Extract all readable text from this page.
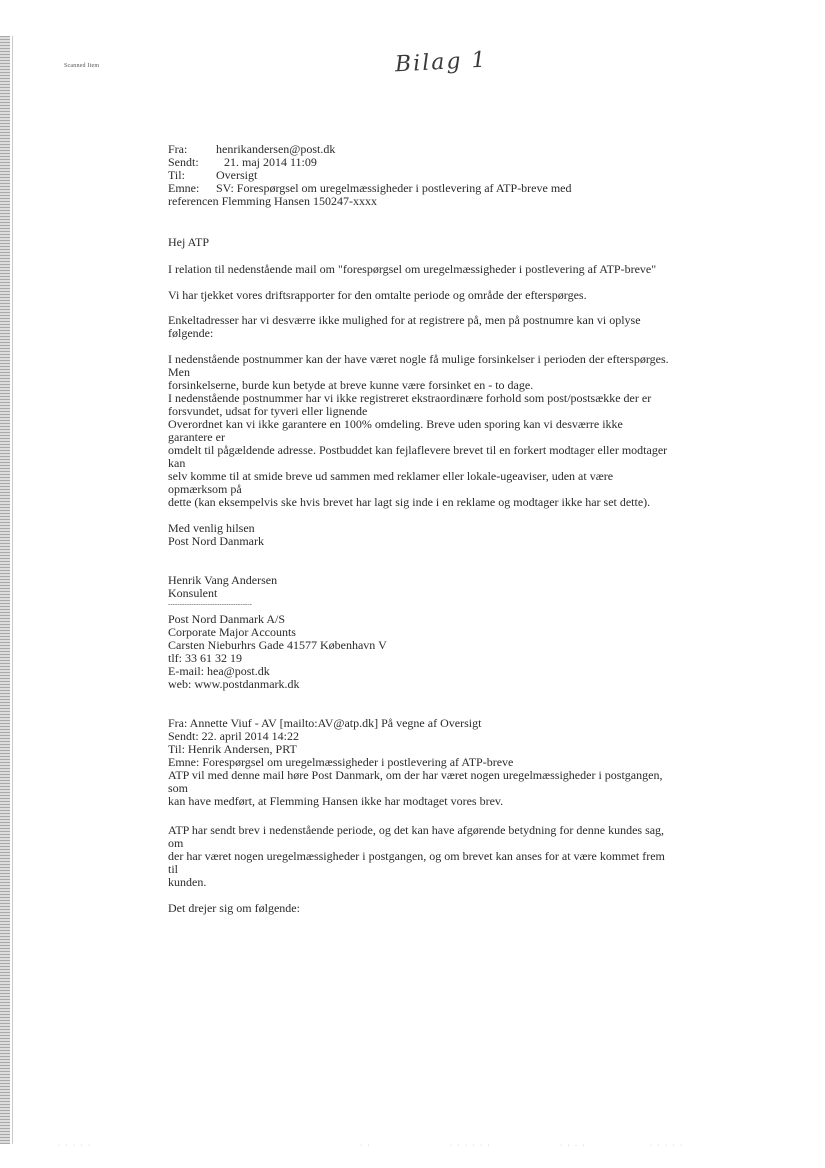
Scanned Item	Bilag 1
Fra: henrikandersen@post.dk
Sendt: 21. maj 2014 11:09
Til:	Oversigt
Emne: SV: Forespørgsel om uregelmæssigheder i postlevering af ATP-breve med
referencen Flemming Hansen 150247-xxxx
Hej ATP
I relation til nedenstående mail om "forespørgsel om uregelmæssigheder i postlevering af ATP-breve"
Vi har tjekket vores driftsrapporter for den omtalte periode og område der efterspørges.
Enkeltadresser har vi desværre ikke mulighed for at registrere på, men på postnumre kan vi oplyse
følgende:
I nedenstående postnummer kan der have været nogle få mulige forsinkelser i perioden der efterspørges.
Men
forsinkelserne, burde kun betyde at breve kunne være forsinket en - to dage.
I nedenstående postnummer har vi ikke registreret ekstraordinære forhold som post/postsække der er
forsvundet, udsat for tyveri eller lignende
Overordnet kan vi ikke garantere en 100% omdeling. Breve uden sporing kan vi desværre ikke
garantere er
omdelt til pågældende adresse. Postbuddet kan fejlaflevere brevet til en forkert modtager eller modtager
kan
selv komme til at smide breve ud sammen med reklamer eller lokale-ugeaviser, uden at være
opmærksom på
dette (kan eksempelvis ske hvis brevet har lagt sig inde i en reklame og modtager ikke har set dette).
Med venlig hilsen
Post Nord Danmark
Henrik Vang Andersen
Konsulent
------------------------------------
Post Nord Danmark A/S
Corporate Major Accounts
Carsten Nieburhrs Gade 41577 København V
tlf: 33 61 32 19
E-mail: hea@post.dk
web: www.postdanmark.dk
Fra: Annette Viuf - AV [mailto:AV@atp.dk] På vegne af Oversigt
Sendt: 22. april 2014 14:22
Til: Henrik Andersen, PRT
Emne: Forespørgsel om uregelmæssigheder i postlevering af ATP-breve
ATP vil med denne mail høre Post Danmark, om der har været nogen uregelmæssigheder i postgangen,
som
kan have medført, at Flemming Hansen ikke har modtaget vores brev.
ATP har sendt brev i nedenstående periode, og det kan have afgørende betydning for denne kundes sag,
om
der har været nogen uregelmæssigheder i postgangen, og om brevet kan anses for at være kommet frem
til
kunden.
Det drejer sig om følgende:
· · · · ·	· ·	· · · · · ·	· · · ·	· · · · ·
